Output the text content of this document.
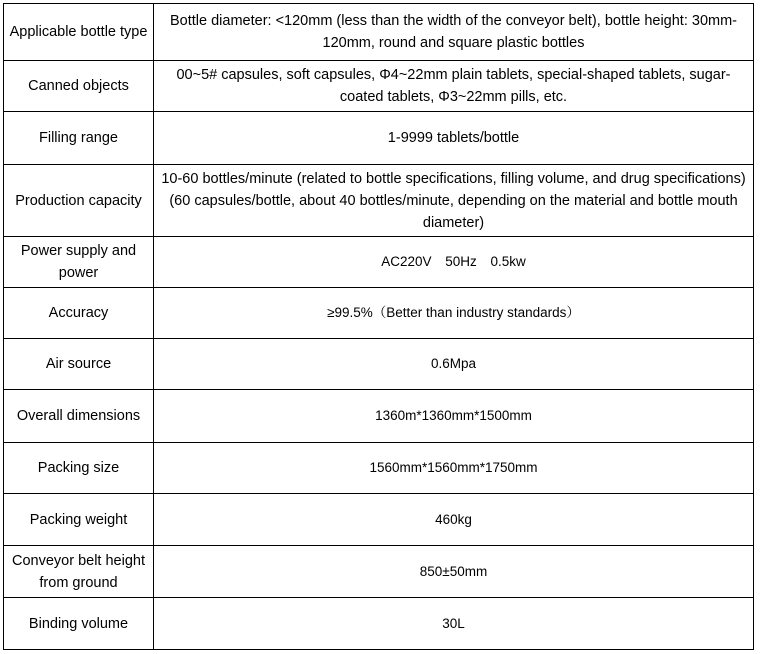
Applicable bottle type	Bottle diameter: <120mm (less than the width of the conveyor belt), bottle height: 30mm-120mm, round and square plastic bottles
Canned objects	00~5# capsules, soft capsules, Φ4~22mm plain tablets, special-shaped tablets, sugar-coated tablets, Φ3~22mm pills, etc.
Filling range	1-9999 tablets/bottle
Production capacity	10-60 bottles/minute (related to bottle specifications, filling volume, and drug specifications) (60 capsules/bottle, about 40 bottles/minute, depending on the material and bottle mouth diameter)
Power supply and power	AC220V 50Hz 0.5kw
Accuracy	≥99.5%（Better than industry standards）
Air source	0.6Mpa
Overall dimensions	1360m*1360mm*1500mm
Packing size	1560mm*1560mm*1750mm
Packing weight	460kg
Conveyor belt height from ground	850±50mm
Binding volume	30L
